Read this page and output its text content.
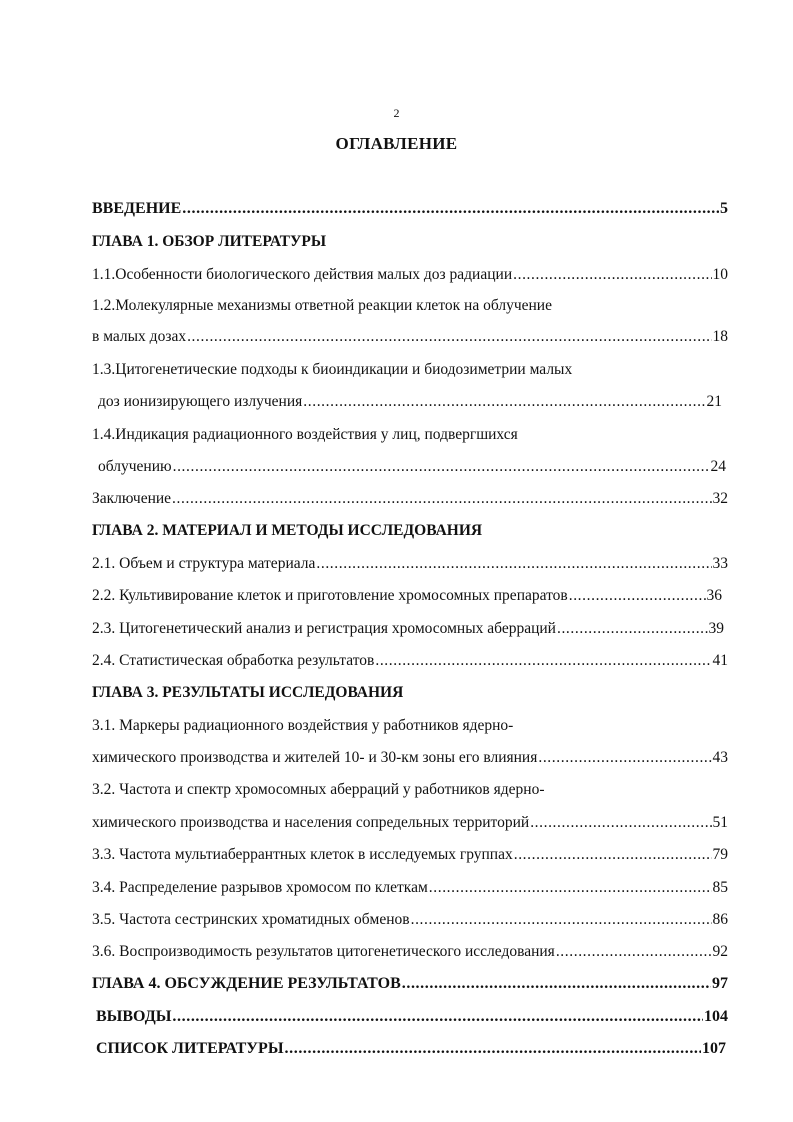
2
ОГЛАВЛЕНИЕ
ВВЕДЕНИЕ .....	5
ГЛАВА 1. ОБЗОР ЛИТЕРАТУРЫ
1.1. Особенности биологического действия малых доз радиации .....	10
1.2.Молекулярные механизмы ответной реакции клеток на облучение
в малых дозах .....	18
1.3.Цитогенетические подходы к биоиндикации и биодозиметрии малых
доз ионизирующего излучения .....	21
1.4.Индикация радиационного воздействия у лиц, подвергшихся
облучению .....	24
Заключение .....	32
ГЛАВА 2. МАТЕРИАЛ И МЕТОДЫ ИССЛЕДОВАНИЯ
2.1. Объем и структура материала .....	33
2.2. Культивирование клеток и приготовление хромосомных препаратов .....	36
2.3. Цитогенетический анализ и регистрация хромосомных аберраций .....	39
2.4. Статистическая обработка результатов .....	41
ГЛАВА 3. РЕЗУЛЬТАТЫ ИССЛЕДОВАНИЯ
3.1. Маркеры радиационного воздействия у работников ядерно-
химического производства и жителей 10- и 30-км зоны его влияния .....	43
3.2. Частота и спектр хромосомных аберраций у работников ядерно-
химического производства и населения сопредельных территорий .....	51
3.3. Частота мультиаберрантных клеток в исследуемых группах .....	79
3.4. Распределение разрывов хромосом по клеткам .....	85
3.5. Частота сестринских хроматидных обменов .....	86
3.6. Воспроизводимость результатов цитогенетического исследования .....	92
ГЛАВА 4. ОБСУЖДЕНИЕ РЕЗУЛЬТАТОВ .....	97
ВЫВОДЫ .....	104
СПИСОК ЛИТЕРАТУРЫ .....	107
